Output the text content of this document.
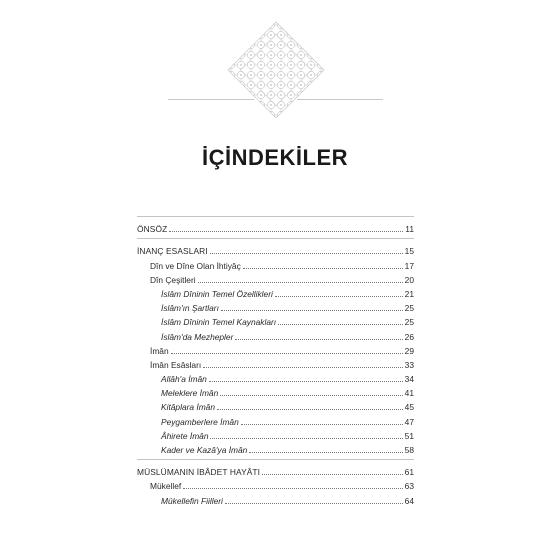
İÇİNDEKİLER
ÖNSÖZ	11
İNANÇ ESASLARI	15
Dîn ve Dîne Olan İhtiyâç	17
Dîn Çeşitleri	20
İslâm Dîninin Temel Özellikleri	21
İslâm'ın Şartları	25
İslâm Dîninin Temel Kaynakları	25
İslâm'da Mezhepler	26
İmân	29
İmân Esâsları	33
Allâh'a İmân	34
Meleklere İmân	41
Kitâplara İmân	45
Peygamberlere İmân	47
Âhirete İmân	51
Kader ve Kazâ'ya İmân	58
MÜSLÜMANIN İBÂDET HAYÂTI	61
Mükellef	63
Mükellefin Fiilleri	64
